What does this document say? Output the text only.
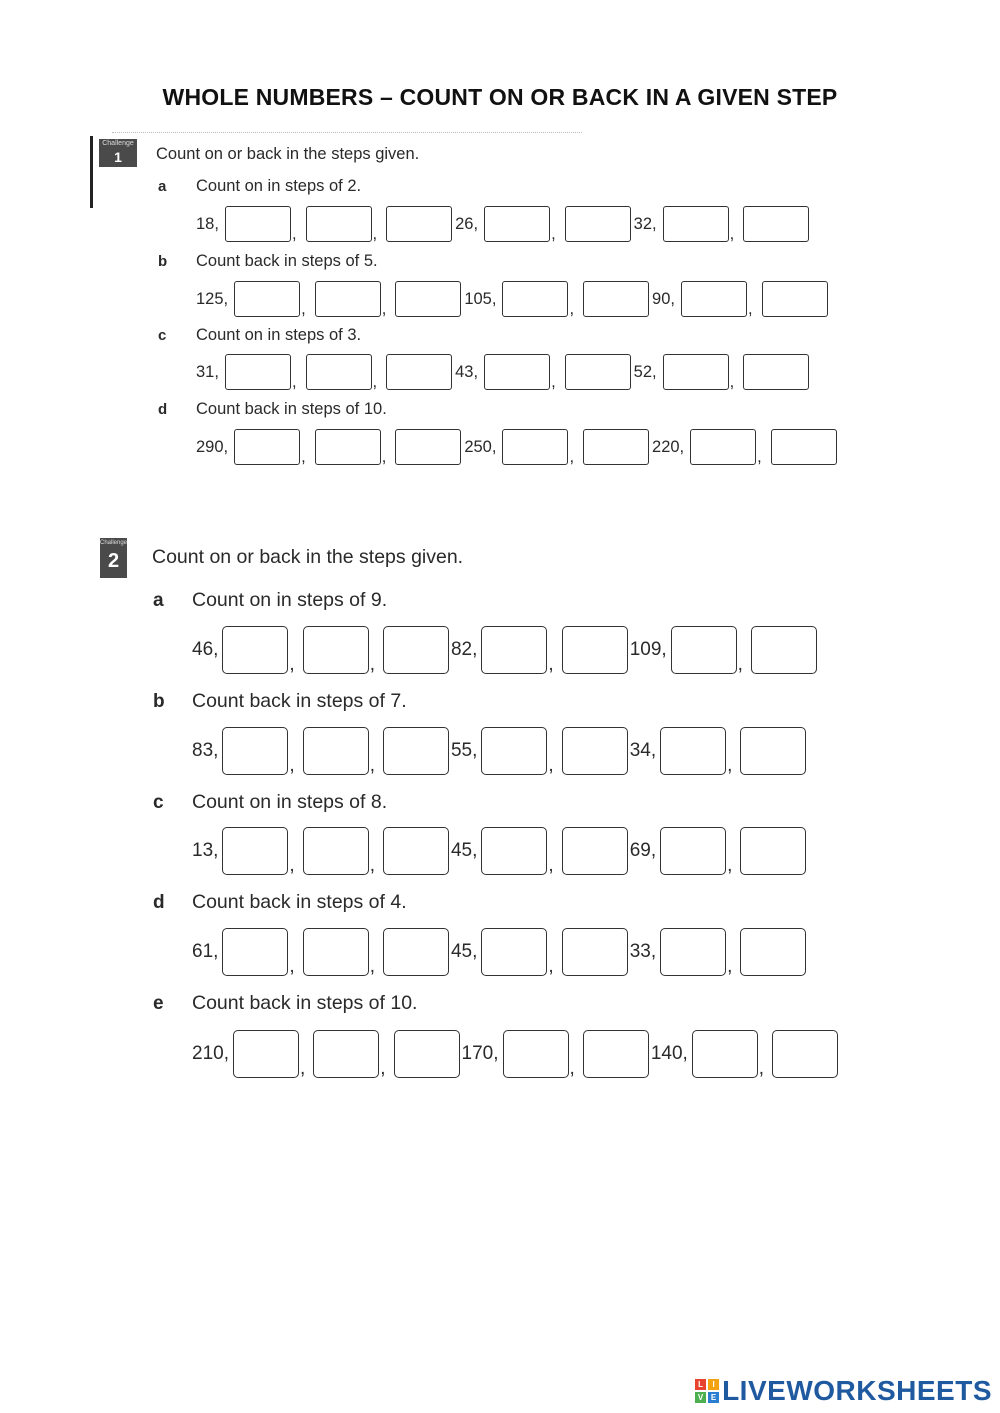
WHOLE NUMBERS – COUNT ON OR BACK IN A GIVEN STEP
Challenge
1	Count on or back in the steps given.
a Count on in steps of 2.
18,
,	,
26,
,
32,
,
b Count back in steps of 5.
125,
,	,
105,
,
90,
,
c Count on in steps of 3.
31,
,	,
43,
,
52,
,
d Count back in steps of 10.
290,
,	,
250,
,
220,
,
Challenge
2	Count on or back in the steps given.
a Count on in steps of 9.
46,
,	,
82,
,
109,
,
b Count back in steps of 7.
83,
,	,
55,
,
34,
,
c Count on in steps of 8.
13,
,	,
45,
,
69,
,
d Count back in steps of 4.
61,
,	,
45,
,
33,
,
e Count back in steps of 10.
210,
,	,
170,
,
140,
,
L	I
V E LIVEWORKSHEETS
